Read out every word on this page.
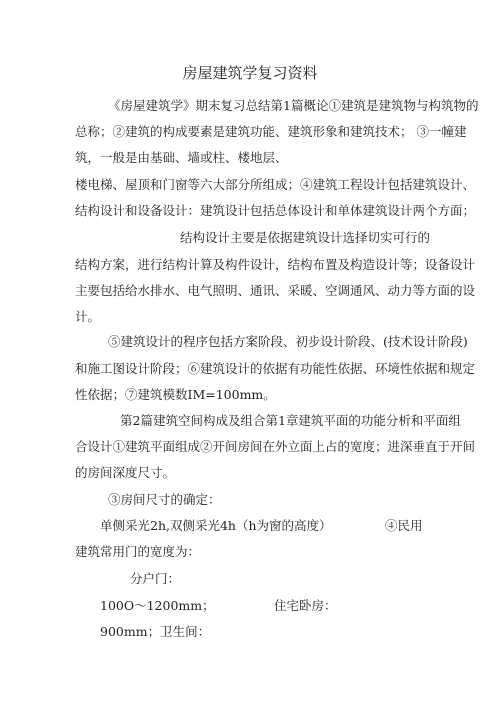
房屋建筑学复习资料
《房屋建筑学》期末复习总结第1篇概论①建筑是建筑物与构筑物的
总称；②建筑的构成要素是建筑功能、建筑形象和建筑技术； ③一幢建
筑，一般是由基础、墙或柱、楼地层、
楼电梯、屋顶和门窗等六大部分所组成；④建筑工程设计包括建筑设计、
结构设计和设备设计：建筑设计包括总体设计和单体建筑设计两个方面；
结构设计主要是依据建筑设计选择切实可行的
结构方案，进行结构计算及构件设计，结构布置及构造设计等；设备设计
主要包括给水排水、电气照明、通讯、采暖、空调通风、动力等方面的设
计。
⑤建筑设计的程序包括方案阶段、初步设计阶段、(技术设计阶段)
和施工图设计阶段；⑥建筑设计的依据有功能性依据、环境性依据和规定
性依据；⑦建筑模数IM=100mm。
第2篇建筑空间构成及组合第1章建筑平面的功能分析和平面组
合设计①建筑平面组成②开间房间在外立面上占的宽度；进深垂直于开间
的房间深度尺寸。
③房间尺寸的确定：
单侧采光2h,双侧采光4h（h为窗的高度）	④民用
建筑常用门的宽度为：
分户门：
100O～1200mm；	住宅卧房：
900mm；卫生间：
